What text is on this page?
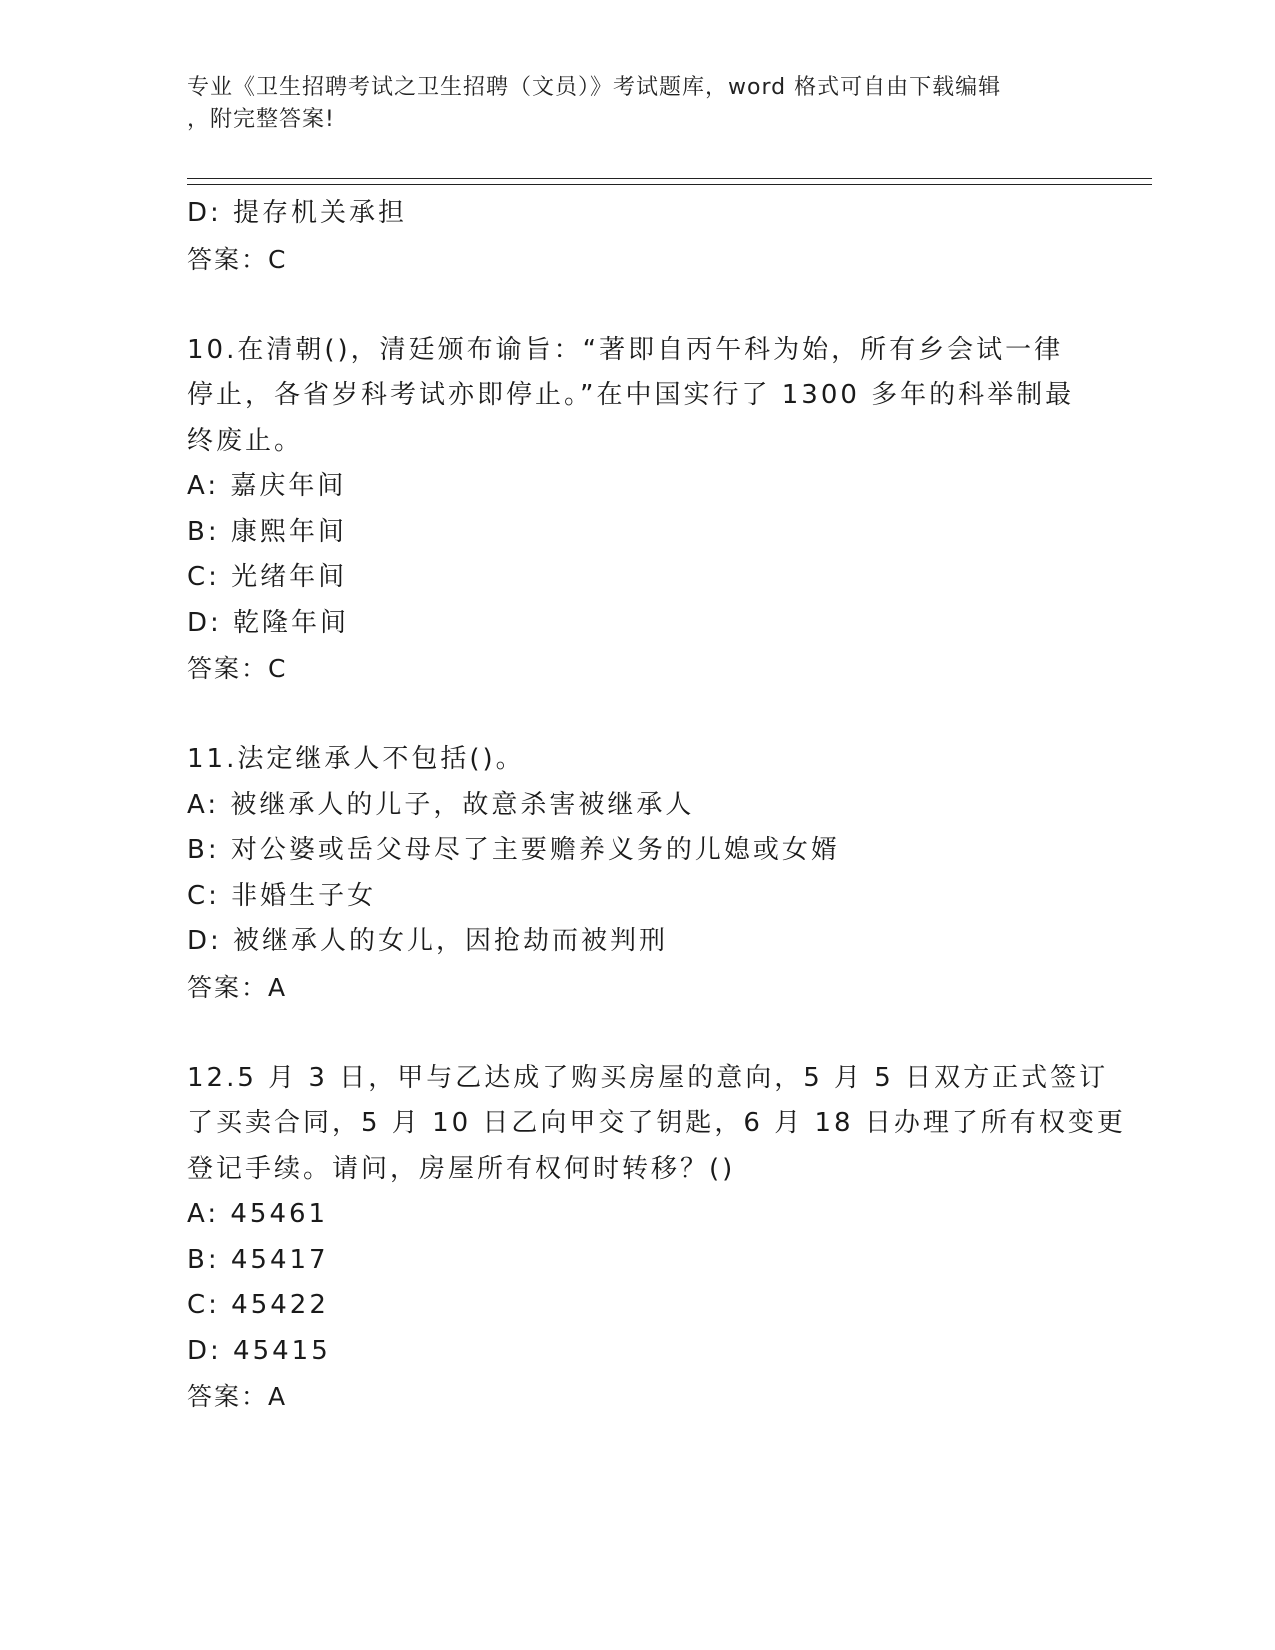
专业《卫生招聘考试之卫生招聘（文员）》考试题库，word 格式可自由下载编辑
，附完整答案!
D: 提存机关承担
答案：C
10.在清朝()，清廷颁布谕旨：“著即自丙午科为始，所有乡会试一律
停止，各省岁科考试亦即停止。”在中国实行了 1300 多年的科举制最
终废止。
A: 嘉庆年间
B: 康熙年间
C: 光绪年间
D: 乾隆年间
答案：C
11.法定继承人不包括()。
A: 被继承人的儿子，故意杀害被继承人
B: 对公婆或岳父母尽了主要赡养义务的儿媳或女婿
C: 非婚生子女
D: 被继承人的女儿，因抢劫而被判刑
答案：A
12.5 月 3 日，甲与乙达成了购买房屋的意向，5 月 5 日双方正式签订
了买卖合同，5 月 10 日乙向甲交了钥匙，6 月 18 日办理了所有权变更
登记手续。请问，房屋所有权何时转移？()
A: 45461
B: 45417
C: 45422
D: 45415
答案：A
